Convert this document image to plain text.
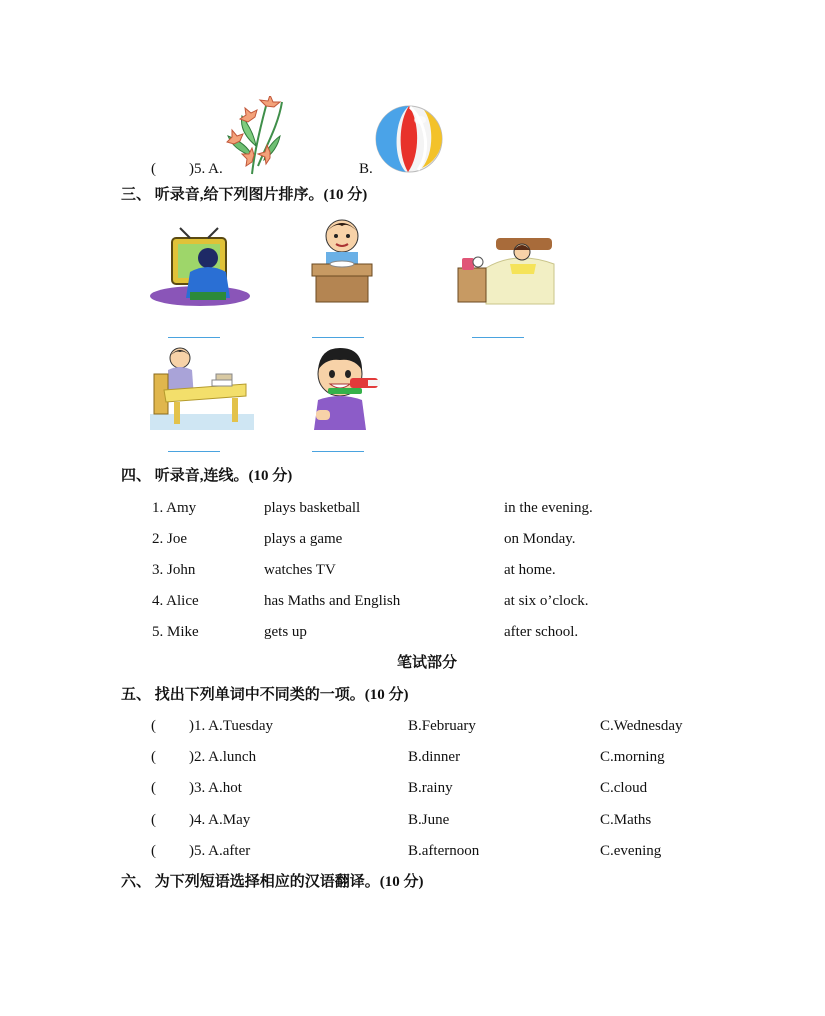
( )5. A.	B.
三、 听录音,给下列图片排序。(10 分)
四、 听录音,连线。(10 分)
1. Amy	plays basketball	in the evening.
2. Joe	plays a game	on Monday.
3. John	watches TV	at home.
4. Alice	has Maths and English	at six o’clock.
5. Mike	gets up	after school.
笔试部分
五、 找出下列单词中不同类的一项。(10 分)
( )1. A.Tuesday	B.February	C.Wednesday
( )2. A.lunch	B.dinner	C.morning
( )3. A.hot	B.rainy	C.cloud
( )4. A.May	B.June	C.Maths
( )5. A.after	B.afternoon	C.evening
六、 为下列短语选择相应的汉语翻译。(10 分)
